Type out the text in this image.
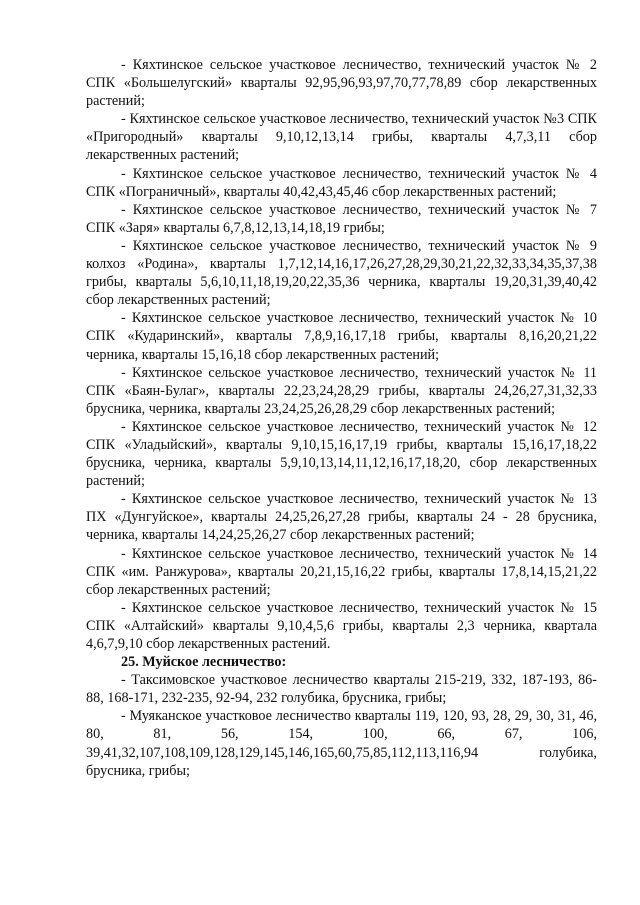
- Кяхтинское сельское участковое лесничество, технический участок № 2 СПК «Большелугский» кварталы 92,95,96,93,97,70,77,78,89 сбор лекарственных растений;

- Кяхтинское сельское участковое лесничество, технический участок №3 СПК «Пригородный» кварталы 9,10,12,13,14 грибы, кварталы 4,7,3,11 сбор лекарственных растений;

- Кяхтинское сельское участковое лесничество, технический участок № 4 СПК «Пограничный», кварталы 40,42,43,45,46 сбор лекарственных растений;

- Кяхтинское сельское участковое лесничество, технический участок № 7 СПК «Заря» кварталы 6,7,8,12,13,14,18,19 грибы;

- Кяхтинское сельское участковое лесничество, технический участок № 9 колхоз «Родина», кварталы 1,7,12,14,16,17,26,27,28,29,30,21,22,32,33,34,35,37,38 грибы, кварталы 5,6,10,11,18,19,20,22,35,36 черника, кварталы 19,20,31,39,40,42 сбор лекарственных растений;

- Кяхтинское сельское участковое лесничество, технический участок № 10 СПК «Кударинский», кварталы 7,8,9,16,17,18 грибы, кварталы 8,16,20,21,22 черника, кварталы 15,16,18 сбор лекарственных растений;

- Кяхтинское сельское участковое лесничество, технический участок № 11 СПК «Баян-Булаг», кварталы 22,23,24,28,29 грибы, кварталы 24,26,27,31,32,33 брусника, черника, кварталы 23,24,25,26,28,29 сбор лекарственных растений;

- Кяхтинское сельское участковое лесничество, технический участок № 12 СПК «Уладыйский», кварталы 9,10,15,16,17,19 грибы, кварталы 15,16,17,18,22 брусника, черника, кварталы 5,9,10,13,14,11,12,16,17,18,20, сбор лекарственных растений;

- Кяхтинское сельское участковое лесничество, технический участок № 13 ПХ «Дунгуйское», кварталы 24,25,26,27,28 грибы, кварталы 24 - 28 брусника, черника, кварталы 14,24,25,26,27 сбор лекарственных растений;

- Кяхтинское сельское участковое лесничество, технический участок № 14 СПК «им. Ранжурова», кварталы 20,21,15,16,22 грибы, кварталы 17,8,14,15,21,22 сбор лекарственных растений;

- Кяхтинское сельское участковое лесничество, технический участок № 15 СПК «Алтайский» кварталы 9,10,4,5,6 грибы, кварталы 2,3 черника, квартала 4,6,7,9,10 сбор лекарственных растений.

25. Муйское лесничество:

- Таксимовское участковое лесничество кварталы 215-219, 332, 187-193, 86-88, 168-171, 232-235, 92-94, 232 голубика, брусника, грибы;

- Муяканское участковое лесничество кварталы 119, 120, 93, 28, 29, 30, 31, 46, 80, 81, 56, 154, 100, 66, 67, 106, 39,41,32,107,108,109,128,129,145,146,165,60,75,85,112,113,116,94 голубика, брусника, грибы;
